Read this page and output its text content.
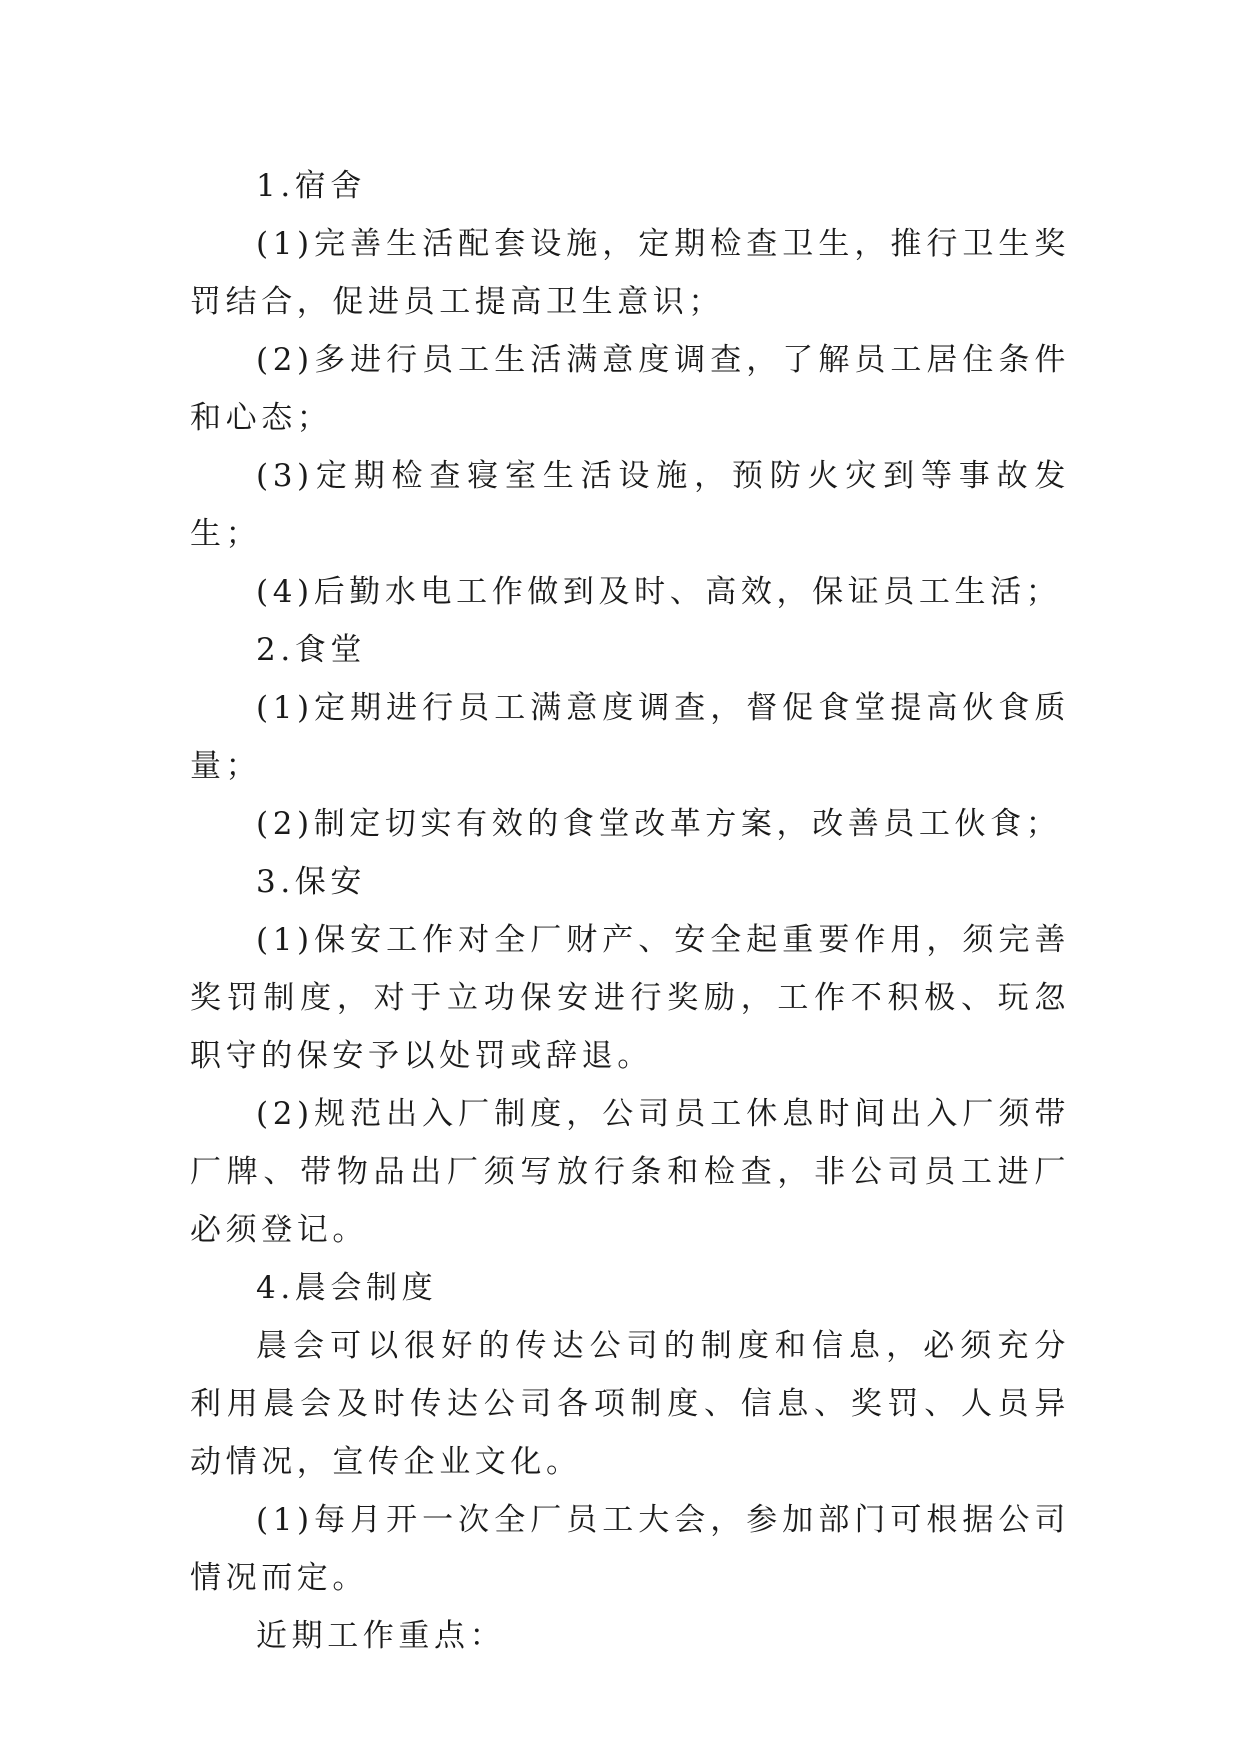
1.宿舍

(1)完善生活配套设施，定期检查卫生，推行卫生奖罚结合，促进员工提高卫生意识；

(2)多进行员工生活满意度调查，了解员工居住条件和心态；

(3)定期检查寝室生活设施，预防火灾到等事故发生；

(4)后勤水电工作做到及时、高效，保证员工生活；

2.食堂

(1)定期进行员工满意度调查，督促食堂提高伙食质量；

(2)制定切实有效的食堂改革方案，改善员工伙食；

3.保安

(1)保安工作对全厂财产、安全起重要作用，须完善奖罚制度，对于立功保安进行奖励，工作不积极、玩忽职守的保安予以处罚或辞退。

(2)规范出入厂制度，公司员工休息时间出入厂须带厂牌、带物品出厂须写放行条和检查，非公司员工进厂必须登记。

4.晨会制度

晨会可以很好的传达公司的制度和信息，必须充分利用晨会及时传达公司各项制度、信息、奖罚、人员异动情况，宣传企业文化。

(1)每月开一次全厂员工大会，参加部门可根据公司情况而定。

近期工作重点：
